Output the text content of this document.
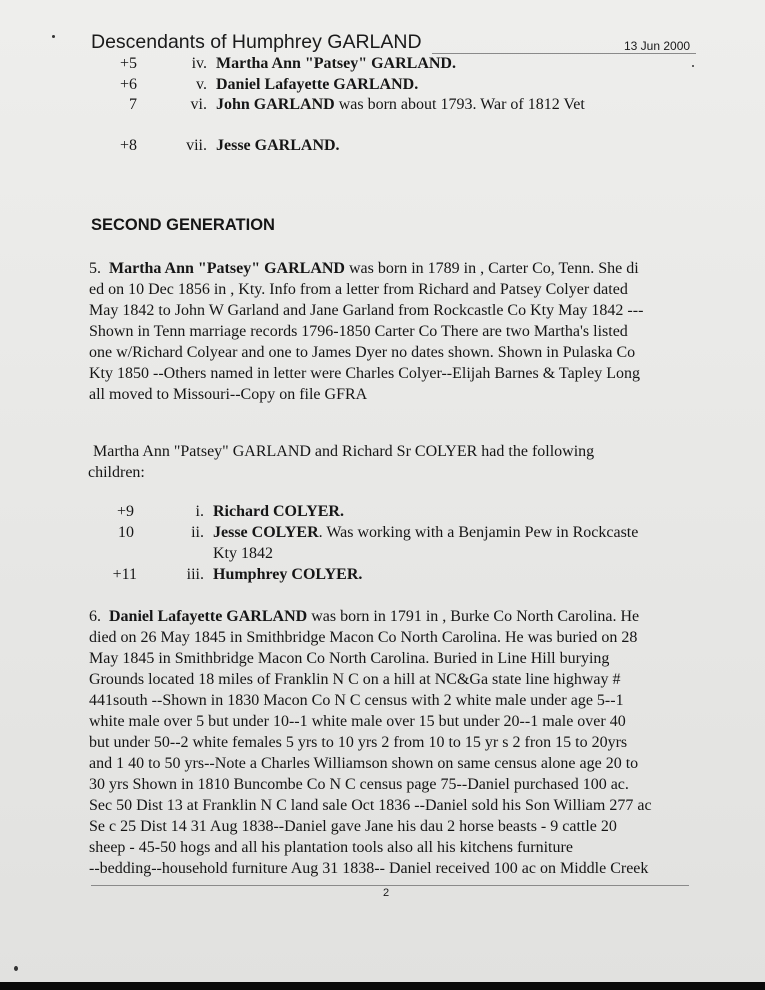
Descendants of Humphrey GARLAND	13 Jun 2000
+5	iv. Martha Ann "Patsey" GARLAND.
+6	v. Daniel Lafayette GARLAND.
7	vi. John GARLAND was born about 1793. War of 1812 Vet
+8	vii. Jesse GARLAND.
SECOND GENERATION
5. Martha Ann "Patsey" GARLAND was born in 1789 in , Carter Co, Tenn. She di
ed on 10 Dec 1856 in , Kty. Info from a letter from Richard and Patsey Colyer dated
May 1842 to John W Garland and Jane Garland from Rockcastle Co Kty May 1842 ---
Shown in Tenn marriage records 1796-1850 Carter Co There are two Martha's listed
one w/Richard Colyear and one to James Dyer no dates shown. Shown in Pulaska Co
Kty 1850 --Others named in letter were Charles Colyer--Elijah Barnes & Tapley Long
all moved to Missouri--Copy on file GFRA
Martha Ann "Patsey" GARLAND and Richard Sr COLYER had the following
children:
+9	i. Richard COLYER.
10	ii. Jesse COLYER. Was working with a Benjamin Pew in Rockcaste
Kty 1842
+11	iii. Humphrey COLYER.
6. Daniel Lafayette GARLAND was born in 1791 in , Burke Co North Carolina. He
died on 26 May 1845 in Smithbridge Macon Co North Carolina. He was buried on 28
May 1845 in Smithbridge Macon Co North Carolina. Buried in Line Hill burying
Grounds located 18 miles of Franklin N C on a hill at NC&Ga state line highway #
441south --Shown in 1830 Macon Co N C census with 2 white male under age 5--1
white male over 5 but under 10--1 white male over 15 but under 20--1 male over 40
but under 50--2 white females 5 yrs to 10 yrs 2 from 10 to 15 yr s 2 fron 15 to 20yrs
and 1 40 to 50 yrs--Note a Charles Williamson shown on same census alone age 20 to
30 yrs Shown in 1810 Buncombe Co N C census page 75--Daniel purchased 100 ac.
Sec 50 Dist 13 at Franklin N C land sale Oct 1836 --Daniel sold his Son William 277 ac
Se c 25 Dist 14 31 Aug 1838--Daniel gave Jane his dau 2 horse beasts - 9 cattle 20
sheep - 45-50 hogs and all his plantation tools also all his kitchens furniture
--bedding--household furniture Aug 31 1838-- Daniel received 100 ac on Middle Creek
2
